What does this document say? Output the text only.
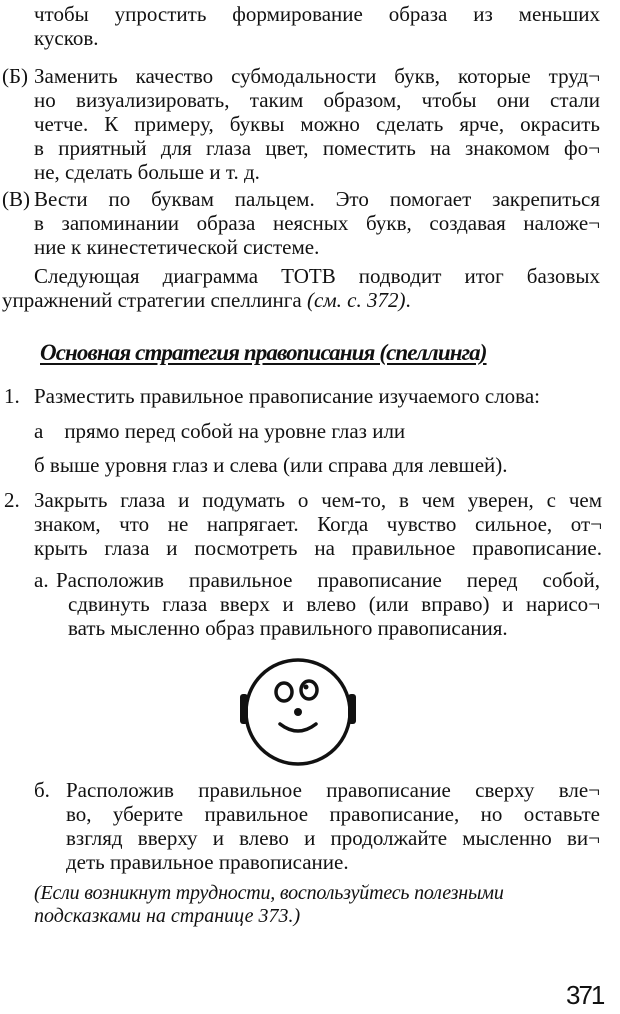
чтобы упростить формирование образа из меньших
кусков.
(Б) Заменить качество субмодальности букв, которые труд¬
но визуализировать, таким образом, чтобы они стали
четче. К примеру, буквы можно сделать ярче, окрасить
в приятный для глаза цвет, поместить на знакомом фо¬
не, сделать больше и т. д.
(В) Вести по буквам пальцем. Это помогает закрепиться
в запоминании образа неясных букв, создавая наложе¬
ние к кинестетической системе.
Следующая диаграмма ТОТВ подводит итог базовых
упражнений стратегии спеллинга (см. с. 372).
Основная стратегия правописания (спеллинга)
1. Разместить правильное правописание изучаемого слова:
а    прямо перед собой на уровне глаз или
б выше уровня глаз и слева (или справа для левшей).
2. Закрыть глаза и подумать о чем-то, в чем уверен, с чем
знаком, что не напрягает. Когда чувство сильное, от¬
крыть глаза и посмотреть на правильное правописание.
а. Расположив правильное правописание перед собой,
сдвинуть глаза вверх и влево (или вправо) и нарисо¬
вать мысленно образ правильного правописания.
б. Расположив правильное правописание сверху вле¬
во, уберите правильное правописание, но оставьте
взгляд вверху и влево и продолжайте мысленно ви¬
деть правильное правописание.
(Если возникнут трудности, воспользуйтесь полезными
подсказками на странице 373.)
371
